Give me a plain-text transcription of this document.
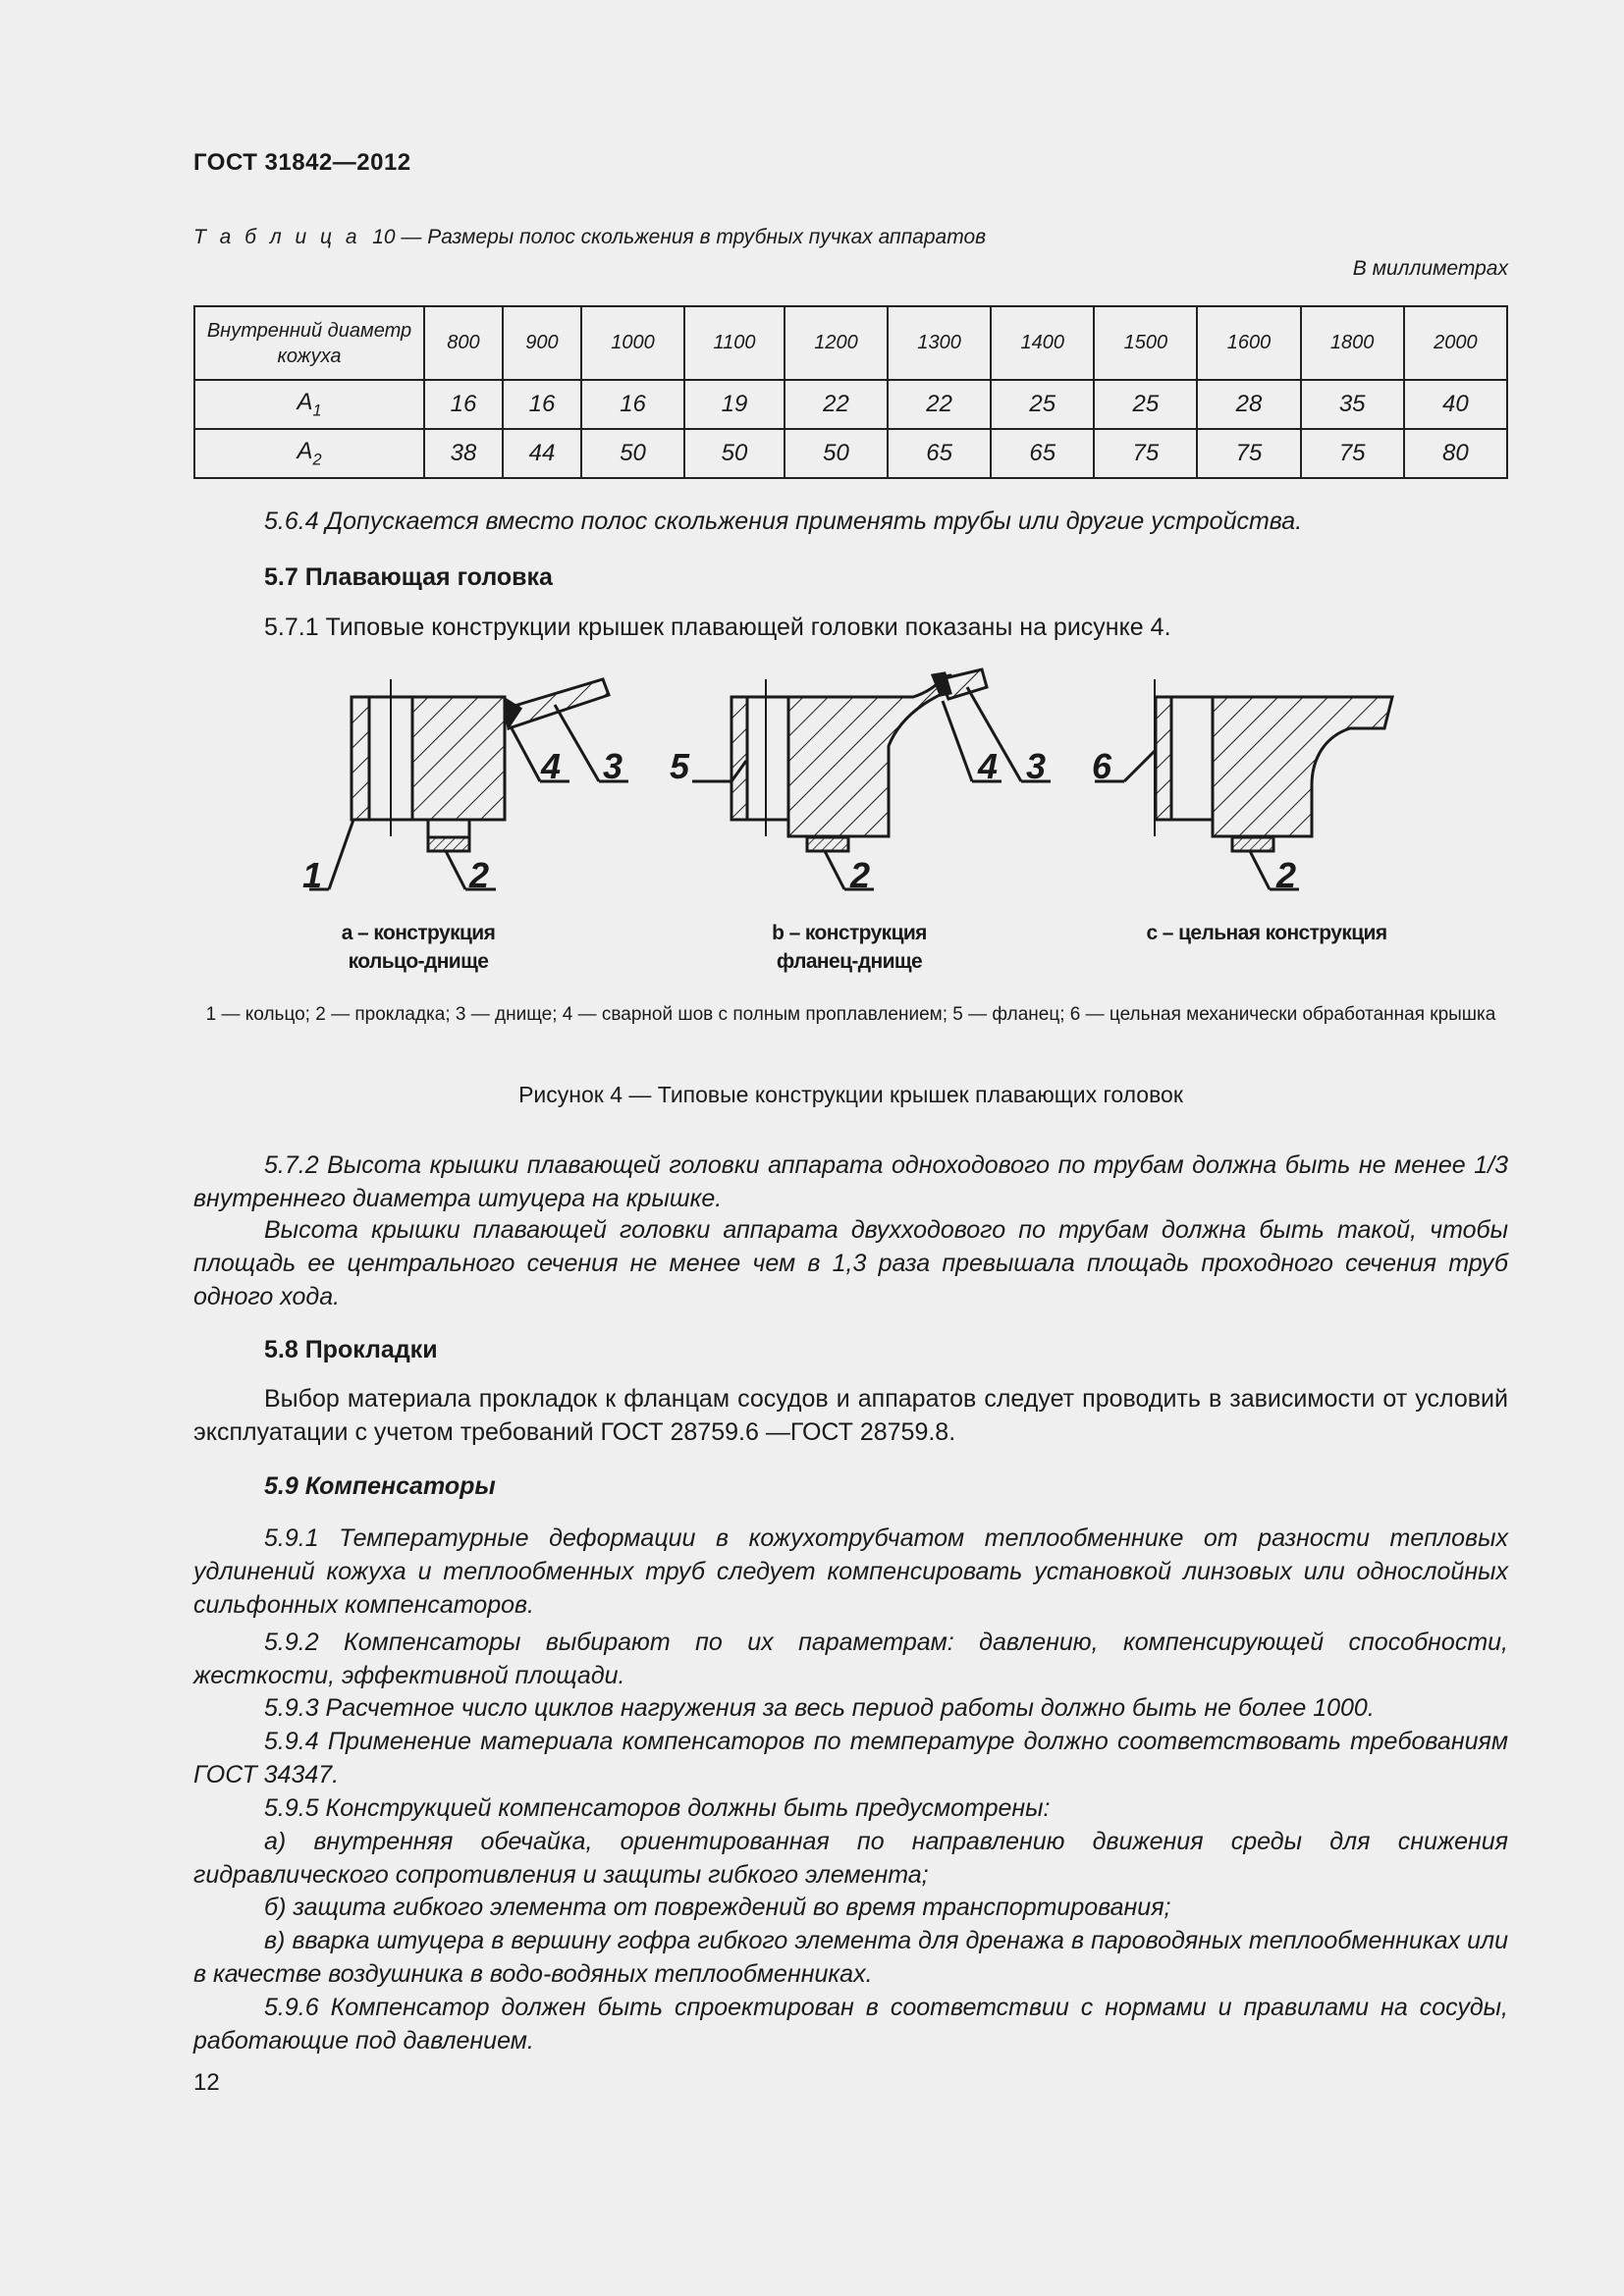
ГОСТ 31842—2012
Т а б л и ц а 10 — Размеры полос скольжения в трубных пучках аппаратов
В миллиметрах
Внутренний диаметр кожуха	800	900	1000	1100	1200	1300	1400	1500	1600	1800	2000
$A_1$	16	16	16	19	22	22	25	25	28	35	40
$A_2$	38	44	50	50	50	65	65	75	75	75	80
5.6.4 Допускается вместо полос скольжения применять трубы или другие устройства.
5.7 Плавающая головка
5.7.1 Типовые конструкции крышек плавающей головки показаны на рисунке 4.
4 3
1	2
5	4 3
2
6
2
а – конструкция
кольцо-днище
b – конструкция
фланец-днище
с – цельная конструкция
1 — кольцо; 2 — прокладка; 3 — днище; 4 — сварной шов с полным проплавлением; 5 — фланец; 6 — цельная механически обработанная крышка
Рисунок 4 — Типовые конструкции крышек плавающих головок
5.7.2 Высота крышки плавающей головки аппарата одноходового по трубам должна быть не менее 1/3 внутреннего диаметра штуцера на крышке.
Высота крышки плавающей головки аппарата двухходового по трубам должна быть такой, чтобы площадь ее центрального сечения не менее чем в 1,3 раза превышала площадь проходного сечения труб одного хода.
5.8 Прокладки
Выбор материала прокладок к фланцам сосудов и аппаратов следует проводить в зависимости от условий эксплуатации с учетом требований ГОСТ 28759.6 —ГОСТ 28759.8.
5.9 Компенсаторы
5.9.1 Температурные деформации в кожухотрубчатом теплообменнике от разности тепловых удлинений кожуха и теплообменных труб следует компенсировать установкой линзовых или однослойных сильфонных компенсаторов.
5.9.2 Компенсаторы выбирают по их параметрам: давлению, компенсирующей способности, жесткости, эффективной площади.
5.9.3 Расчетное число циклов нагружения за весь период работы должно быть не более 1000.
5.9.4 Применение материала компенсаторов по температуре должно соответствовать требованиям ГОСТ 34347.
5.9.5 Конструкцией компенсаторов должны быть предусмотрены:
а) внутренняя обечайка, ориентированная по направлению движения среды для снижения гидравлического сопротивления и защиты гибкого элемента;
б) защита гибкого элемента от повреждений во время транспортирования;
в) вварка штуцера в вершину гофра гибкого элемента для дренажа в пароводяных теплообменниках или в качестве воздушника в водо-водяных теплообменниках.
5.9.6 Компенсатор должен быть спроектирован в соответствии с нормами и правилами на сосуды, работающие под давлением.
12
